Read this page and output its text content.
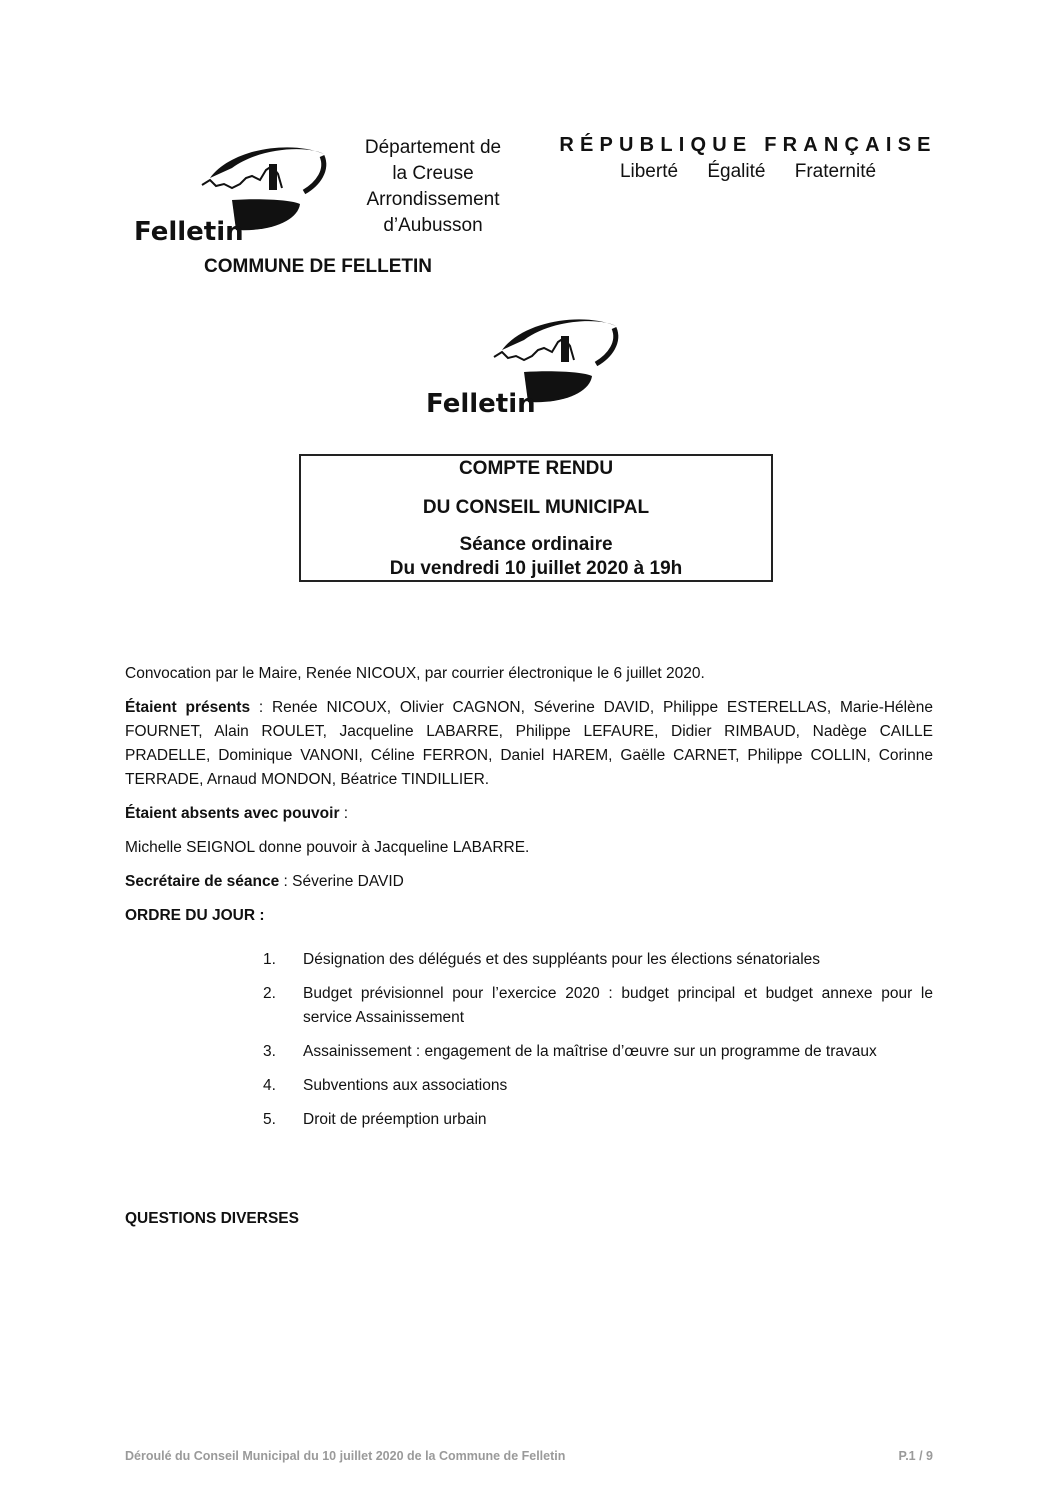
Felletin
Département de
la Creuse
Arrondissement
d’Aubusson
RÉPUBLIQUE FRANÇAISE
Liberté Égalité Fraternité
COMMUNE DE FELLETIN
Felletin
COMPTE RENDU
DU CONSEIL MUNICIPAL
Séance ordinaire
Du vendredi 10 juillet 2020 à 19h

Convocation par le Maire, Renée NICOUX, par courrier électronique le 6 juillet 2020.

Étaient présents : Renée NICOUX, Olivier CAGNON, Séverine DAVID, Philippe ESTERELLAS, Marie-Hélène FOURNET, Alain ROULET, Jacqueline LABARRE, Philippe LEFAURE, Didier RIMBAUD, Nadège CAILLE PRADELLE, Dominique VANONI, Céline FERRON, Daniel HAREM, Gaëlle CARNET, Philippe COLLIN, Corinne TERRADE, Arnaud MONDON, Béatrice TINDILLIER.

Étaient absents avec pouvoir :

Michelle SEIGNOL donne pouvoir à Jacqueline LABARRE.

Secrétaire de séance : Séverine DAVID

ORDRE DU JOUR :

1. Désignation des délégués et des suppléants pour les élections sénatoriales
2. Budget prévisionnel pour l’exercice 2020 : budget principal et budget annexe pour le service Assainissement
3. Assainissement : engagement de la maîtrise d’œuvre sur un programme de travaux
4. Subventions aux associations
5. Droit de préemption urbain
QUESTIONS DIVERSES
Déroulé du Conseil Municipal du 10 juillet 2020 de la Commune de Felletin	P.1 / 9
